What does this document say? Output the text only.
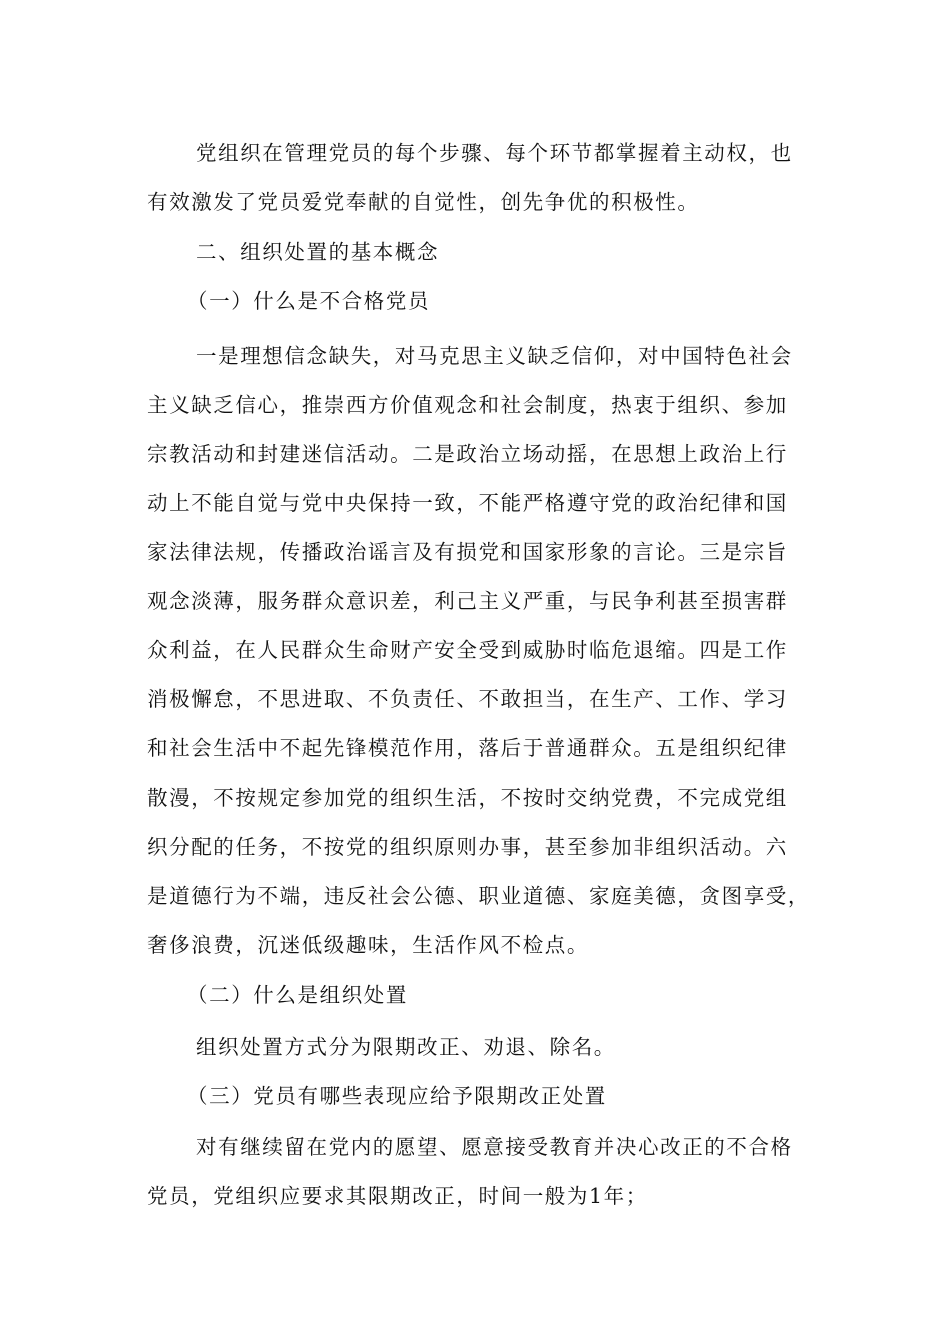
党组织在管理党员的每个步骤、每个环节都掌握着主动权，也
有效激发了党员爱党奉献的自觉性，创先争优的积极性。
二、组织处置的基本概念
（一）什么是不合格党员
一是理想信念缺失，对马克思主义缺乏信仰，对中国特色社会
主义缺乏信心，推崇西方价值观念和社会制度，热衷于组织、参加
宗教活动和封建迷信活动。二是政治立场动摇，在思想上政治上行
动上不能自觉与党中央保持一致，不能严格遵守党的政治纪律和国
家法律法规，传播政治谣言及有损党和国家形象的言论。三是宗旨
观念淡薄，服务群众意识差，利己主义严重，与民争利甚至损害群
众利益，在人民群众生命财产安全受到威胁时临危退缩。四是工作
消极懈怠，不思进取、不负责任、不敢担当，在生产、工作、学习
和社会生活中不起先锋模范作用，落后于普通群众。五是组织纪律
散漫，不按规定参加党的组织生活，不按时交纳党费，不完成党组
织分配的任务，不按党的组织原则办事，甚至参加非组织活动。六
是道德行为不端，违反社会公德、职业道德、家庭美德，贪图享受，
奢侈浪费，沉迷低级趣味，生活作风不检点。
（二）什么是组织处置
组织处置方式分为限期改正、劝退、除名。
（三）党员有哪些表现应给予限期改正处置
对有继续留在党内的愿望、愿意接受教育并决心改正的不合格
党员，党组织应要求其限期改正，时间一般为1年；
